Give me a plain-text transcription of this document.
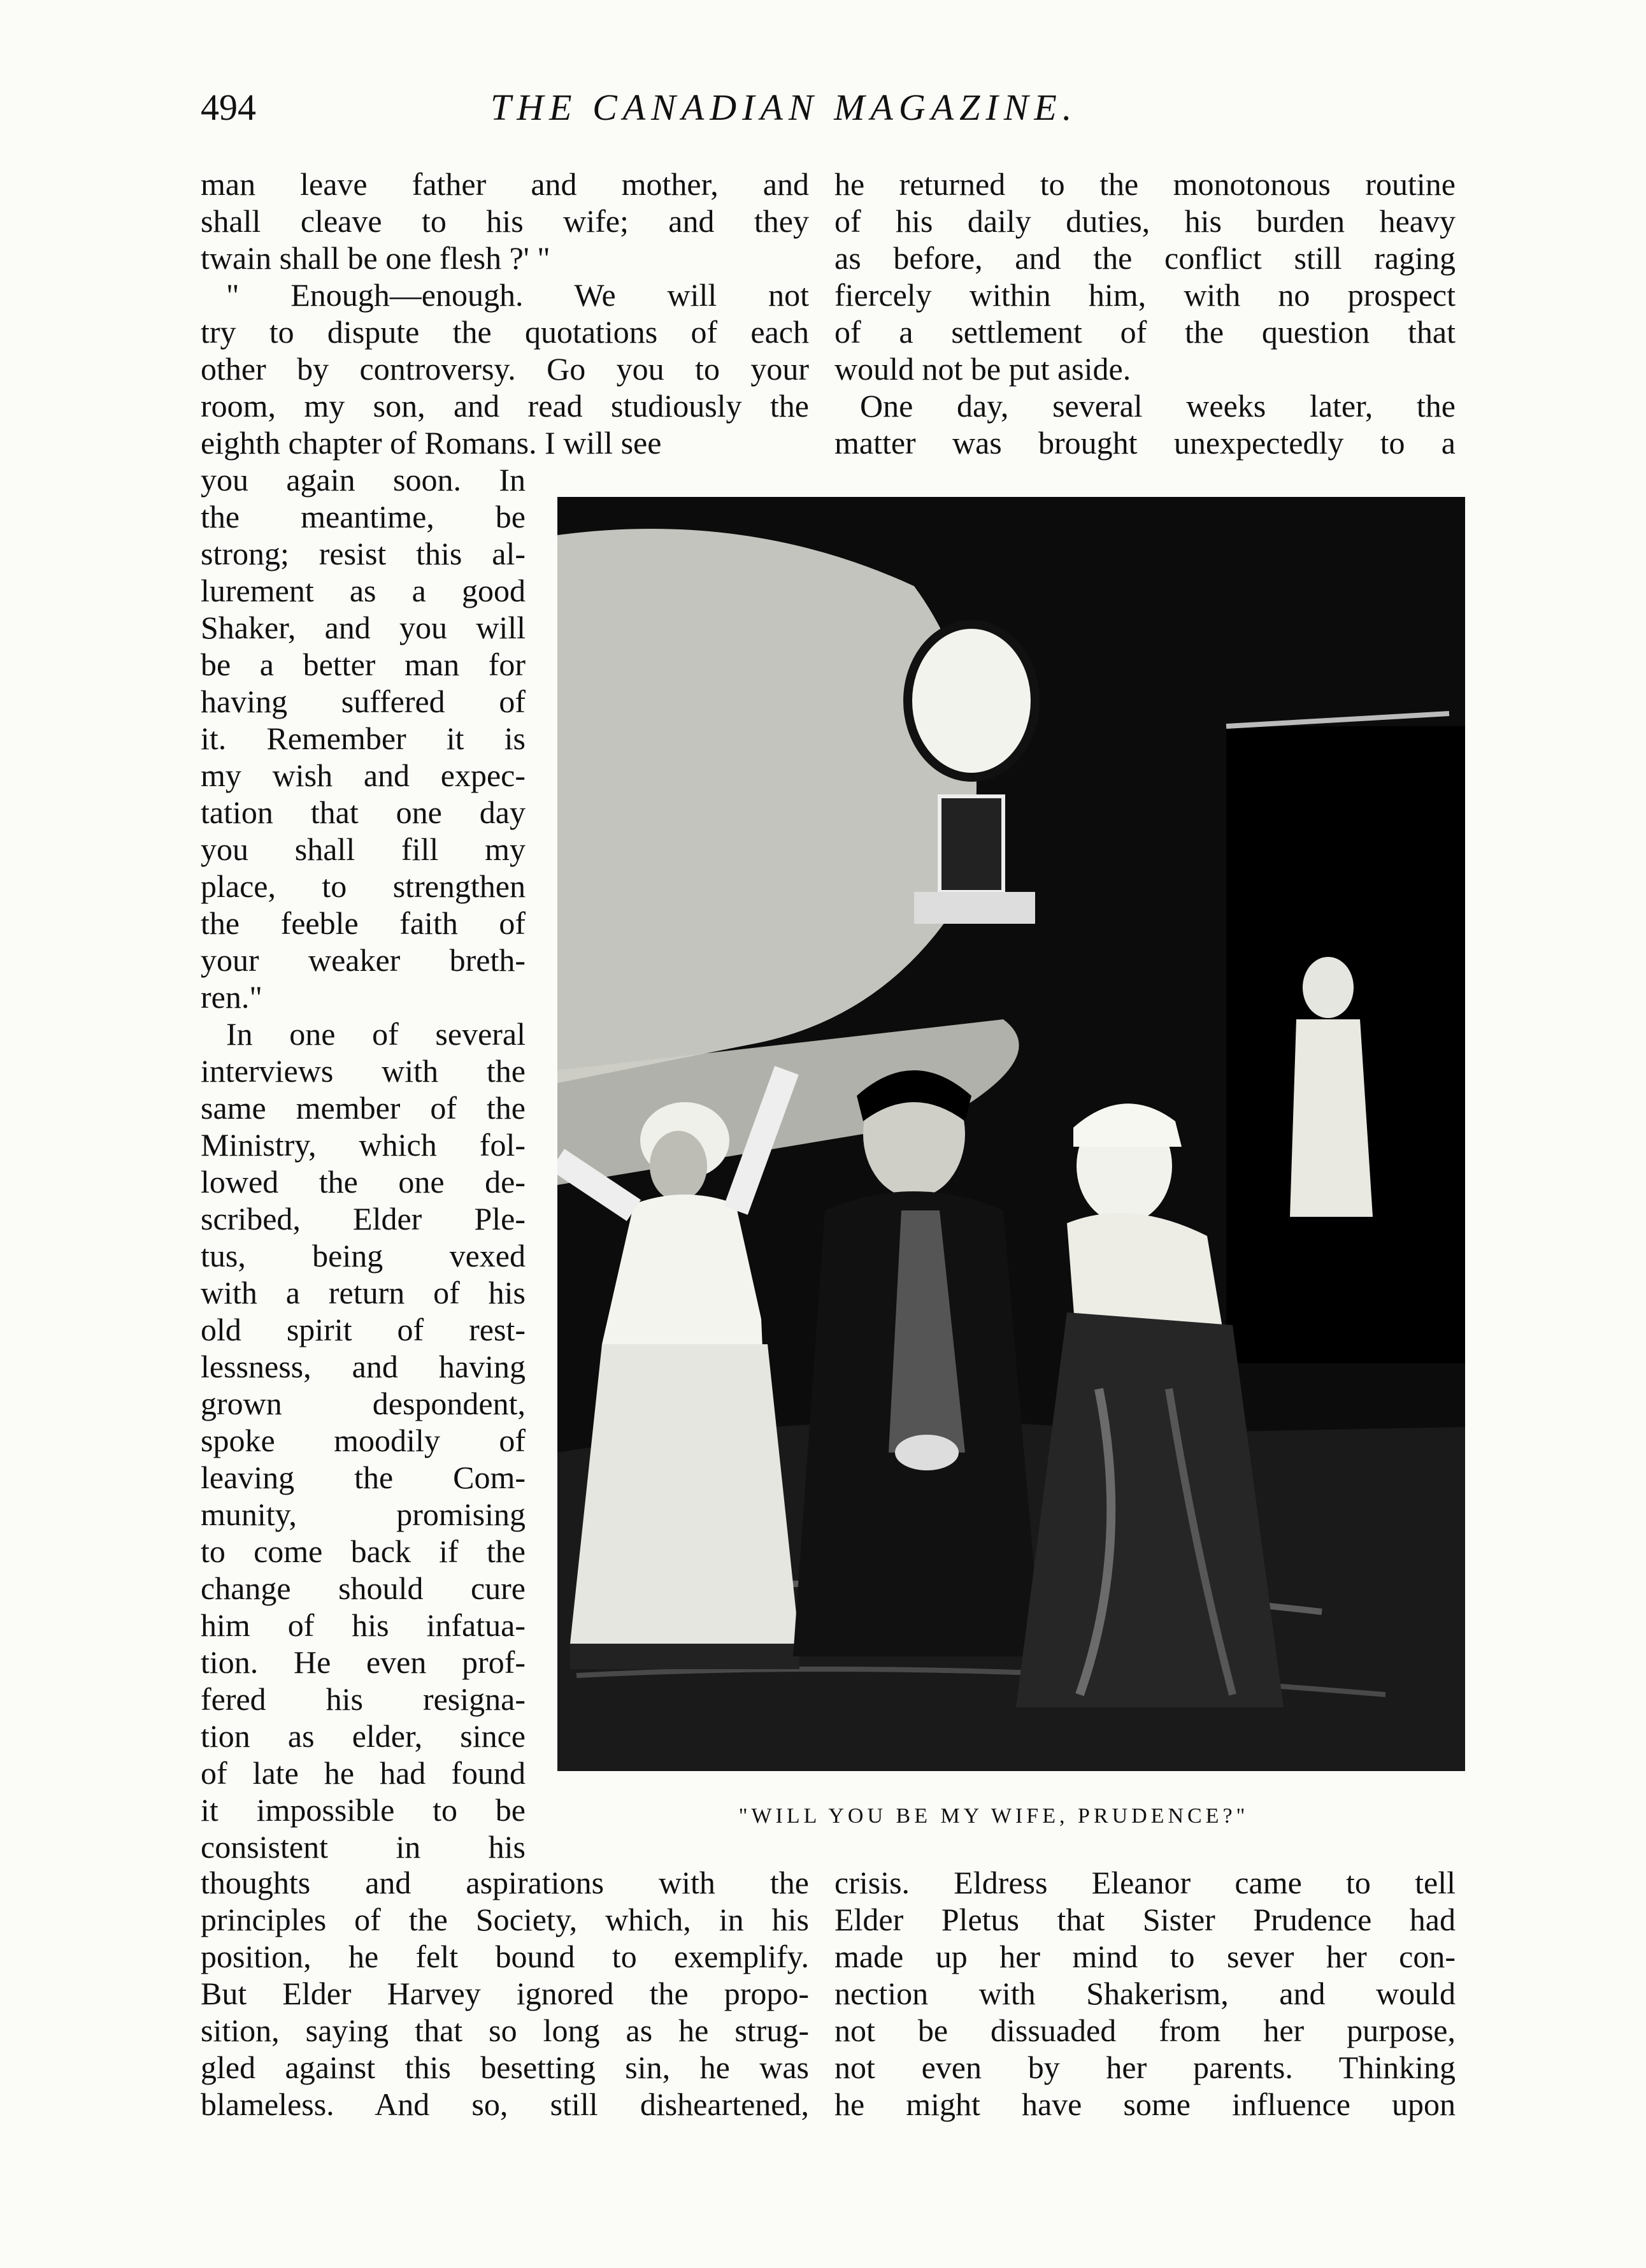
494	THE CANADIAN MAGAZINE.
man leave father and mother, and
shall cleave to his wife; and they
twain shall be one flesh ?' "
" Enough—enough. We will not
try to dispute the quotations of each
other by controversy. Go you to your
room, my son, and read studiously the
eighth chapter of Romans. I will see
you again soon. In
the meantime, be
strong; resist this al-
lurement as a good
Shaker, and you will
be a better man for
having suffered of
it. Remember it is
my wish and expec-
tation that one day
you shall fill my
place, to strengthen
the feeble faith of
your weaker breth-
ren."
In one of several
interviews with the
same member of the
Ministry, which fol-
lowed the one de-
scribed, Elder Ple-
tus, being vexed
with a return of his
old spirit of rest-
lessness, and having
grown despondent,
spoke moodily of
leaving the Com-
munity, promising
to come back if the
change should cure
him of his infatua-
tion. He even prof-
fered his resigna-
tion as elder, since
of late he had found
it impossible to be
consistent in his
thoughts and aspirations with the
principles of the Society, which, in his
position, he felt bound to exemplify.
But Elder Harvey ignored the propo-
sition, saying that so long as he strug-
gled against this besetting sin, he was
blameless. And so, still disheartened,
he returned to the monotonous routine
of his daily duties, his burden heavy
as before, and the conflict still raging
fiercely within him, with no prospect
of a settlement of the question that
would not be put aside.
One day, several weeks later, the
matter was brought unexpectedly to a
crisis. Eldress Eleanor came to tell
Elder Pletus that Sister Prudence had
made up her mind to sever her con-
nection with Shakerism, and would
not be dissuaded from her purpose,
not even by her parents. Thinking
he might have some influence upon
"WILL YOU BE MY WIFE, PRUDENCE?"
